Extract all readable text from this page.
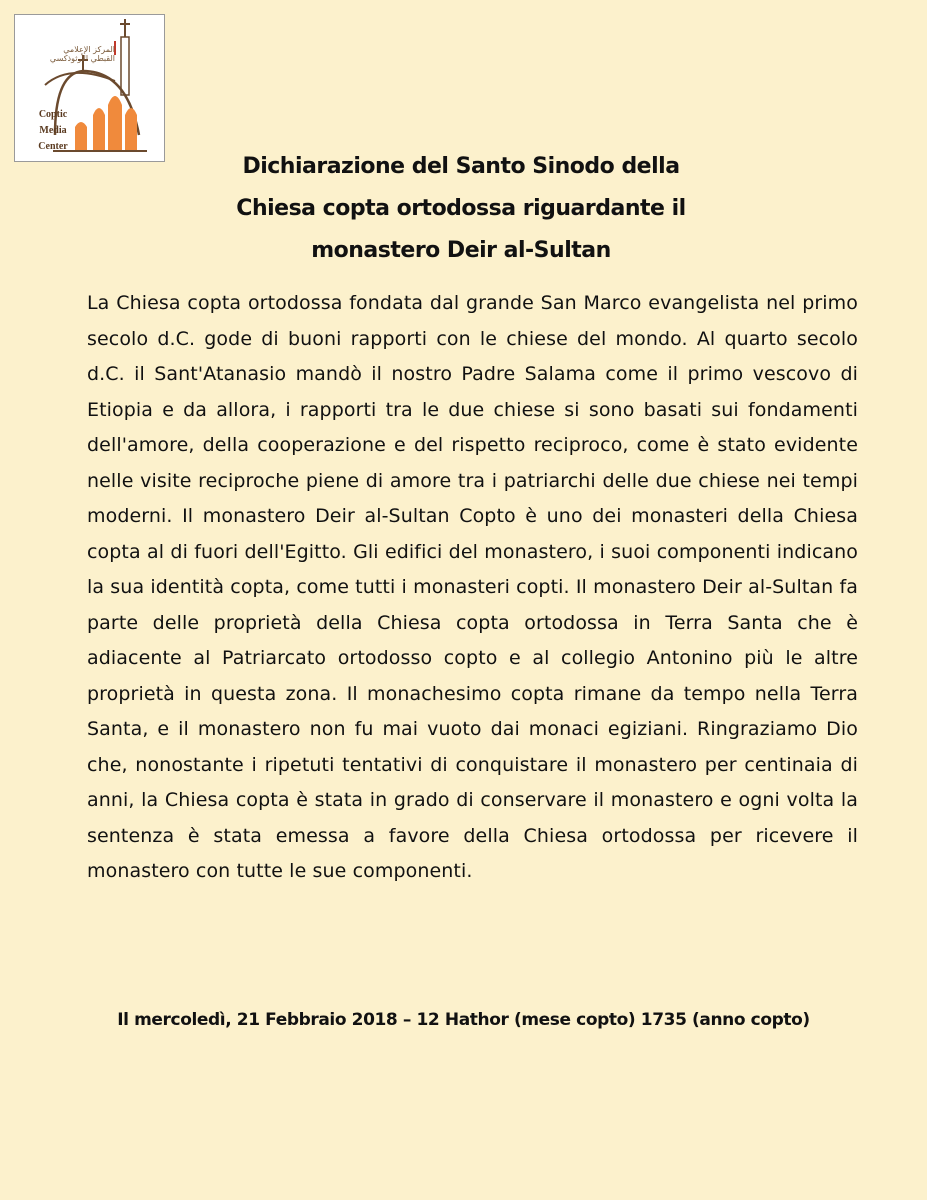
المركز الإعلامي القبطي الأرثوذكسي
Coptic
Media
Center
Dichiarazione del Santo Sinodo della
Chiesa copta ortodossa riguardante il
monastero Deir al-Sultan

La Chiesa copta ortodossa fondata dal grande San Marco evangelista nel primo secolo d.C. gode di buoni rapporti con le chiese del mondo. Al quarto secolo d.C. il Sant'Atanasio mandò il nostro Padre Salama come il primo vescovo di Etiopia e da allora, i rapporti tra le due chiese si sono basati sui fondamenti dell'amore, della cooperazione e del rispetto reciproco, come è stato evidente nelle visite reciproche piene di amore tra i patriarchi delle due chiese nei tempi moderni. Il monastero Deir al-Sultan Copto è uno dei monasteri della Chiesa copta al di fuori dell'Egitto. Gli edifici del monastero, i suoi componenti indicano la sua identità copta, come tutti i monasteri copti. Il monastero Deir al-Sultan fa parte delle proprietà della Chiesa copta ortodossa in Terra Santa che è adiacente al Patriarcato ortodosso copto e al collegio Antonino più le altre proprietà in questa zona. Il monachesimo copta rimane da tempo nella Terra Santa, e il monastero non fu mai vuoto dai monaci egiziani. Ringraziamo Dio che, nonostante i ripetuti tentativi di conquistare il monastero per centinaia di anni, la Chiesa copta è stata in grado di conservare il monastero e ogni volta la sentenza è stata emessa a favore della Chiesa ortodossa per ricevere il monastero con tutte le sue componenti.

Il mercoledì, 21 Febbraio 2018 – 12 Hathor (mese copto) 1735 (anno copto)
